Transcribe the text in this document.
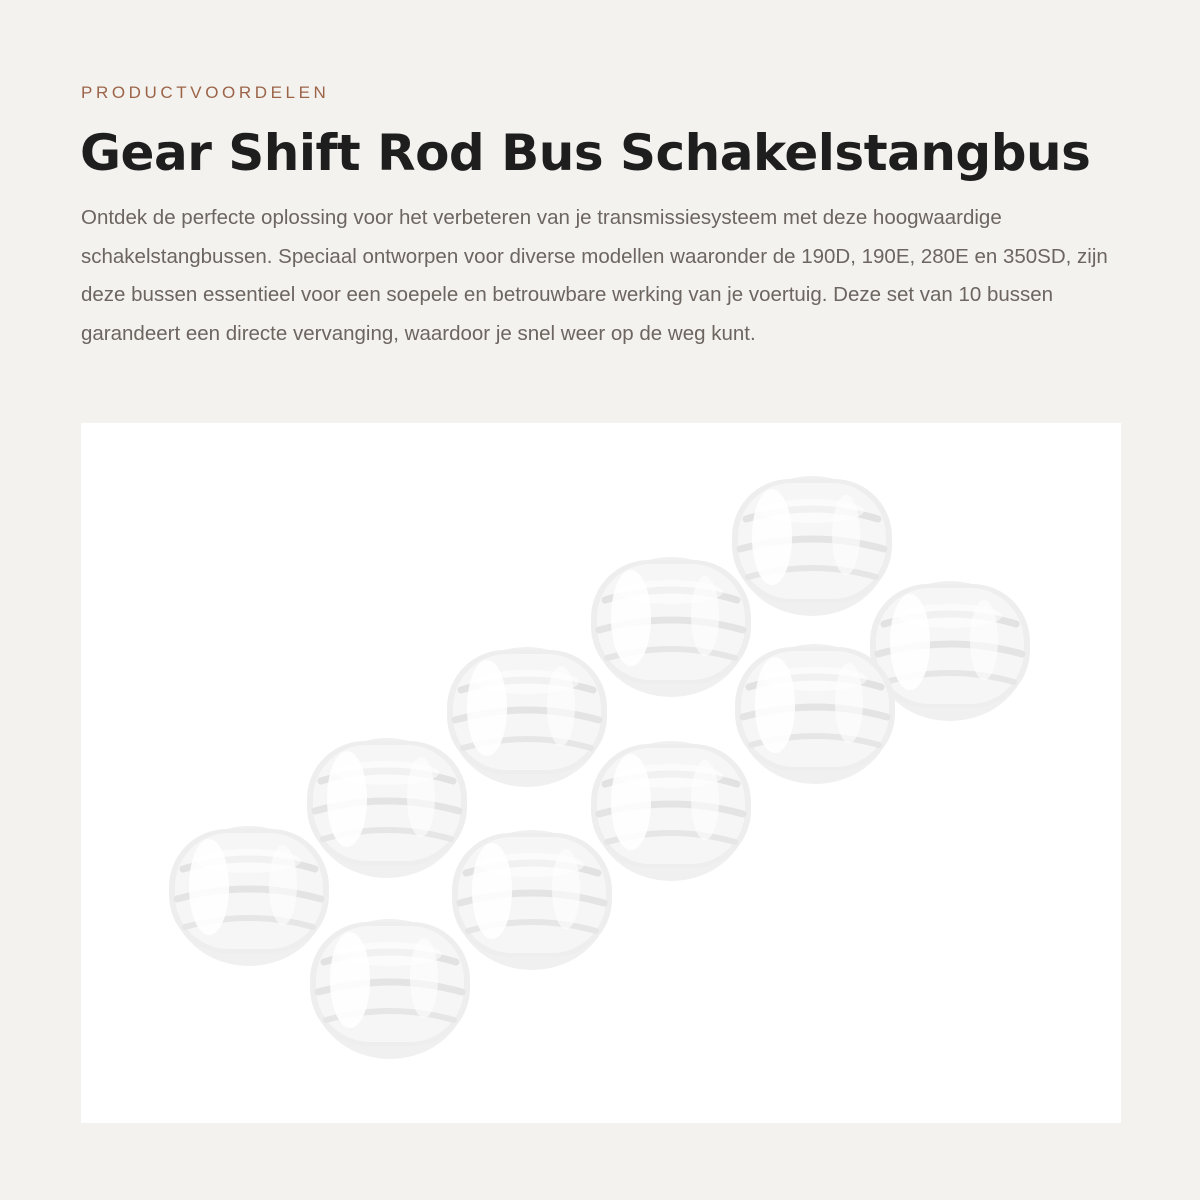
PRODUCTVOORDELEN
Gear Shift Rod Bus Schakelstangbus

Ontdek de perfecte oplossing voor het verbeteren van je transmissiesysteem met deze hoogwaardige schakelstangbussen. Speciaal ontworpen voor diverse modellen waaronder de 190D, 190E, 280E en 350SD, zijn deze bussen essentieel voor een soepele en betrouwbare werking van je voertuig. Deze set van 10 bussen garandeert een directe vervanging, waardoor je snel weer op de weg kunt.
